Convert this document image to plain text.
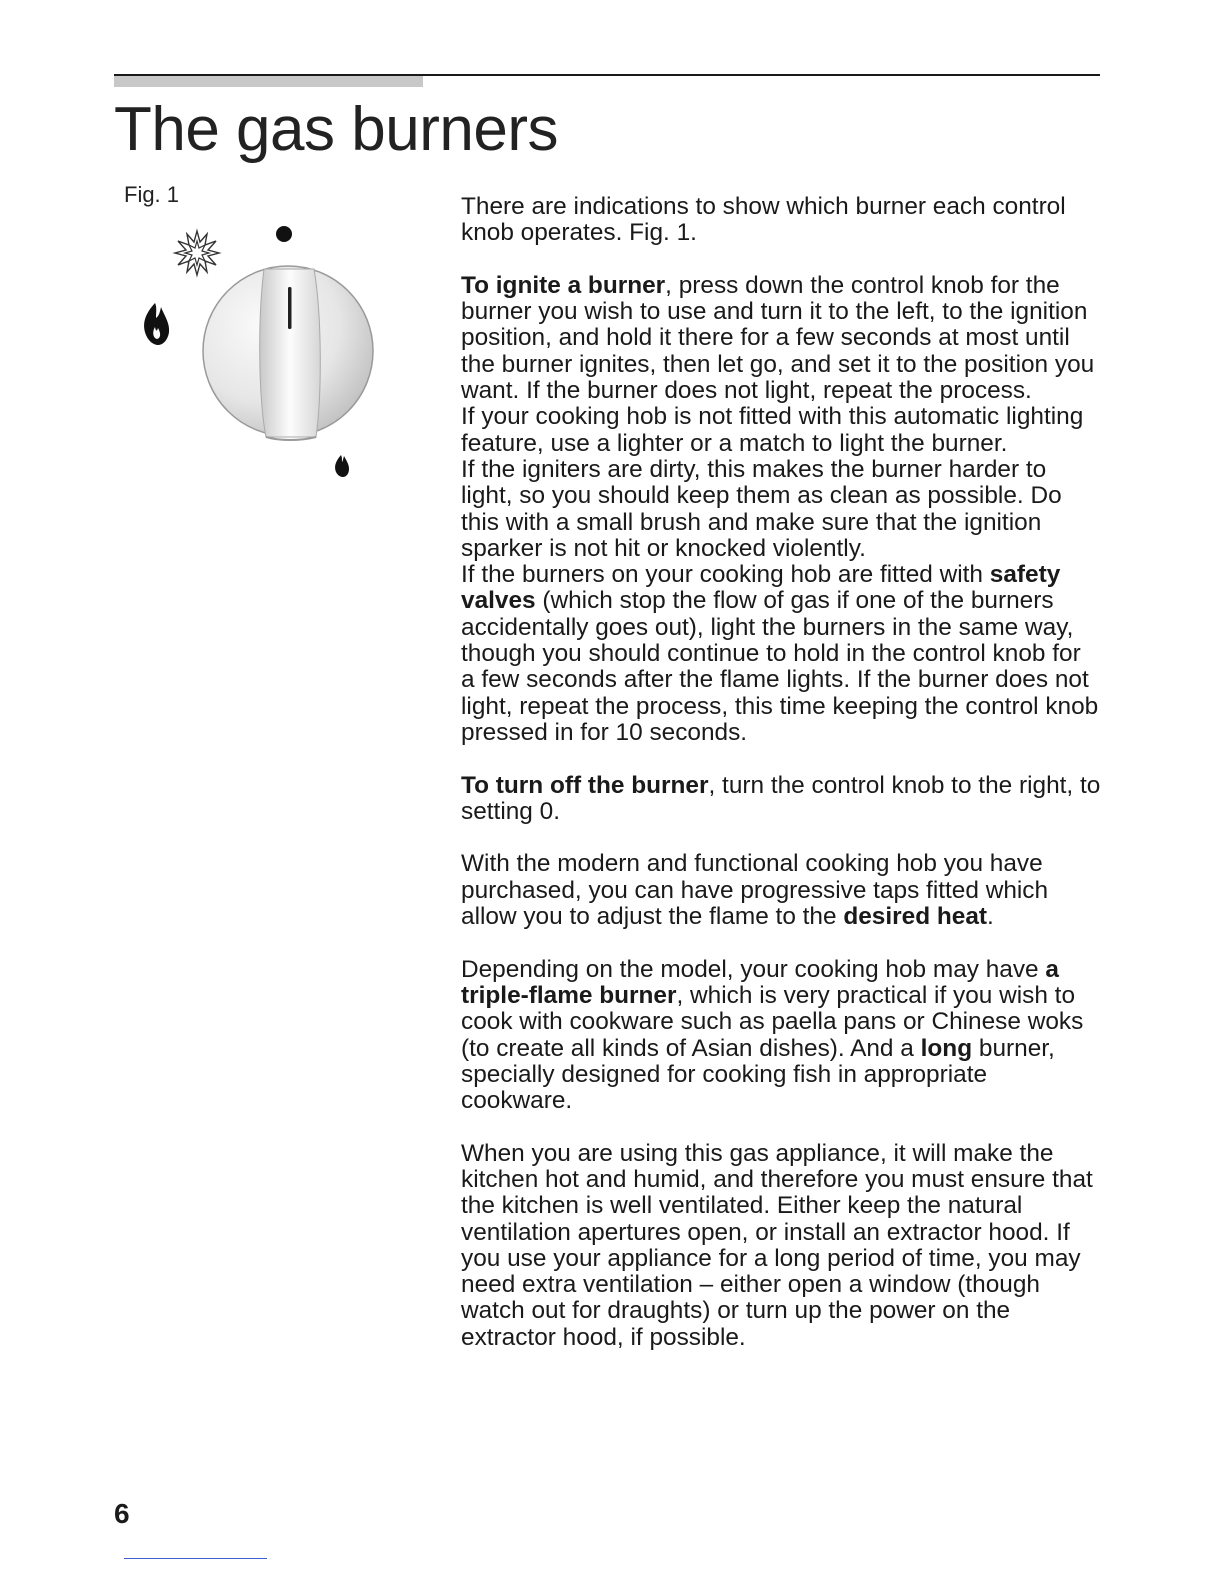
The gas burners
Fig. 1	There are indications to show which burner each control knob operates. Fig. 1.

To ignite a burner, press down the control knob for the burner you wish to use and turn it to the left, to the ignition position, and hold it there for a few seconds at most until the burner ignites, then let go, and set it to the position you want. If the burner does not light, repeat the process.

If your cooking hob is not fitted with this automatic lighting feature, use a lighter or a match to light the burner.

If the igniters are dirty, this makes the burner harder to light, so you should keep them as clean as possible. Do this with a small brush and make sure that the ignition sparker is not hit or knocked violently.

If the burners on your cooking hob are fitted with safety valves (which stop the flow of gas if one of the burners accidentally goes out), light the burners in the same way, though you should continue to hold in the control knob for a few seconds after the flame lights. If the burner does not light, repeat the process, this time keeping the control knob pressed in for 10 seconds.

To turn off the burner, turn the control knob to the right, to setting 0.

With the modern and functional cooking hob you have purchased, you can have progressive taps fitted which allow you to adjust the flame to the desired heat.

Depending on the model, your cooking hob may have a triple-flame burner, which is very practical if you wish to cook with cookware such as paella pans or Chinese woks (to create all kinds of Asian dishes). And a long burner, specially designed for cooking fish in appropriate cookware.

When you are using this gas appliance, it will make the kitchen hot and humid, and therefore you must ensure that the kitchen is well ventilated. Either keep the natural ventilation apertures open, or install an extractor hood. If you use your appliance for a long period of time, you may need extra ventilation – either open a window (though watch out for draughts) or turn up the power on the extractor hood, if possible.

6
